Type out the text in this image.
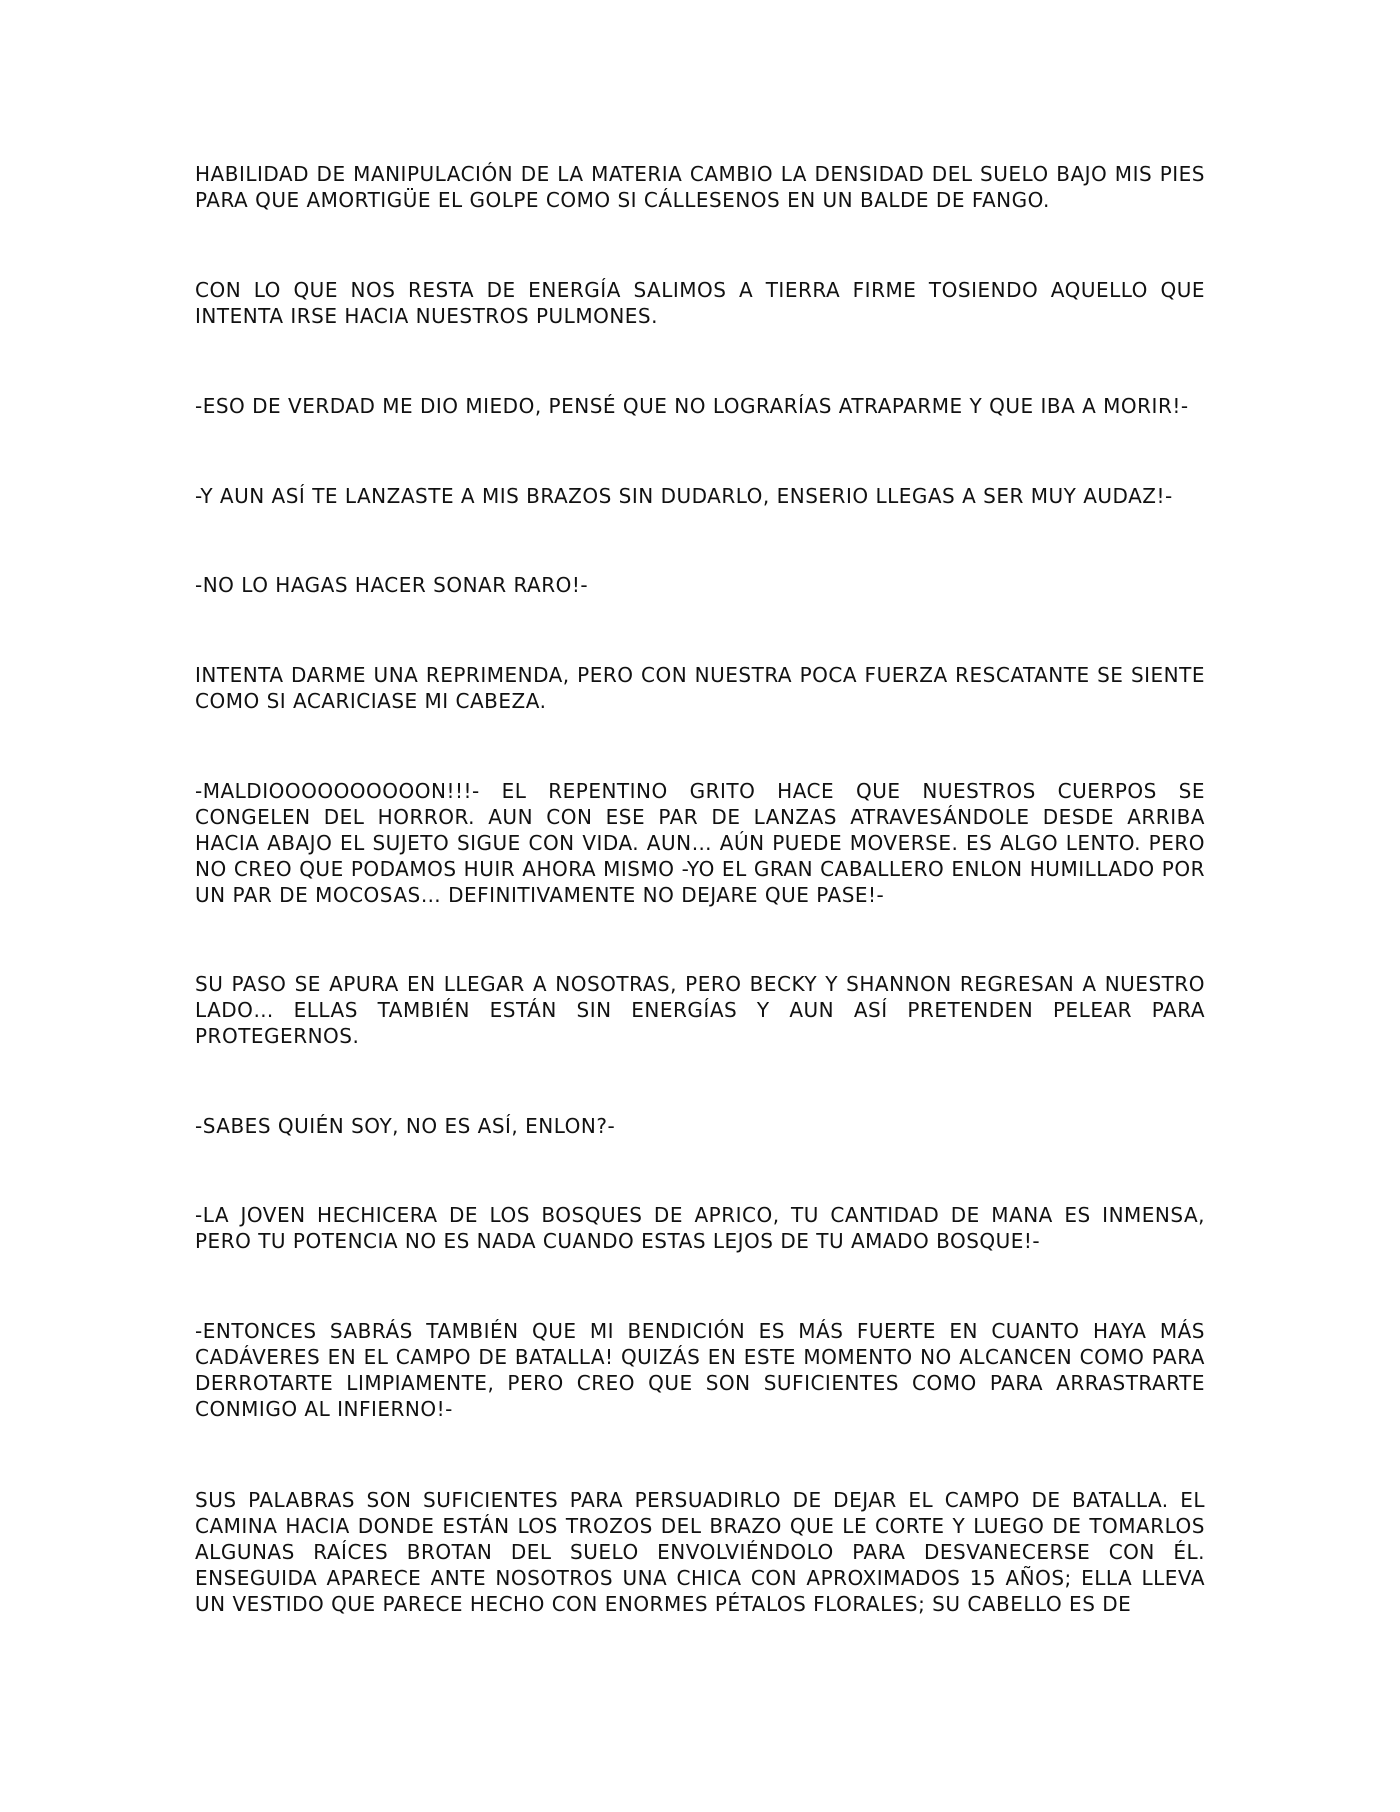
HABILIDAD DE MANIPULACIÓN DE LA MATERIA CAMBIO LA DENSIDAD DEL SUELO BAJO MIS PIES PARA QUE AMORTIGÜE EL GOLPE COMO SI CÁLLESENOS EN UN BALDE DE FANGO.

CON LO QUE NOS RESTA DE ENERGÍA SALIMOS A TIERRA FIRME TOSIENDO AQUELLO QUE INTENTA IRSE HACIA NUESTROS PULMONES.

-ESO DE VERDAD ME DIO MIEDO, PENSÉ QUE NO LOGRARÍAS ATRAPARME Y QUE IBA A MORIR!-

-Y AUN ASÍ TE LANZASTE A MIS BRAZOS SIN DUDARLO, ENSERIO LLEGAS A SER MUY AUDAZ!-

-NO LO HAGAS HACER SONAR RARO!-

INTENTA DARME UNA REPRIMENDA, PERO CON NUESTRA POCA FUERZA RESCATANTE SE SIENTE COMO SI ACARICIASE MI CABEZA.

-MALDIOOOOOOOOOON!!!- EL REPENTINO GRITO HACE QUE NUESTROS CUERPOS SE CONGELEN DEL HORROR. AUN CON ESE PAR DE LANZAS ATRAVESÁNDOLE DESDE ARRIBA HACIA ABAJO EL SUJETO SIGUE CON VIDA. AUN… AÚN PUEDE MOVERSE. ES ALGO LENTO. PERO NO CREO QUE PODAMOS HUIR AHORA MISMO -YO EL GRAN CABALLERO ENLON HUMILLADO POR UN PAR DE MOCOSAS… DEFINITIVAMENTE NO DEJARE QUE PASE!-

SU PASO SE APURA EN LLEGAR A NOSOTRAS, PERO BECKY Y SHANNON REGRESAN A NUESTRO LADO… ELLAS TAMBIÉN ESTÁN SIN ENERGÍAS Y AUN ASÍ PRETENDEN PELEAR PARA PROTEGERNOS.

-SABES QUIÉN SOY, NO ES ASÍ, ENLON?-

-LA JOVEN HECHICERA DE LOS BOSQUES DE APRICO, TU CANTIDAD DE MANA ES INMENSA, PERO TU POTENCIA NO ES NADA CUANDO ESTAS LEJOS DE TU AMADO BOSQUE!-

-ENTONCES SABRÁS TAMBIÉN QUE MI BENDICIÓN ES MÁS FUERTE EN CUANTO HAYA MÁS CADÁVERES EN EL CAMPO DE BATALLA! QUIZÁS EN ESTE MOMENTO NO ALCANCEN COMO PARA DERROTARTE LIMPIAMENTE, PERO CREO QUE SON SUFICIENTES COMO PARA ARRASTRARTE CONMIGO AL INFIERNO!-

SUS PALABRAS SON SUFICIENTES PARA PERSUADIRLO DE DEJAR EL CAMPO DE BATALLA. EL CAMINA HACIA DONDE ESTÁN LOS TROZOS DEL BRAZO QUE LE CORTE Y LUEGO DE TOMARLOS ALGUNAS RAÍCES BROTAN DEL SUELO ENVOLVIÉNDOLO PARA DESVANECERSE CON ÉL. ENSEGUIDA APARECE ANTE NOSOTROS UNA CHICA CON APROXIMADOS 15 AÑOS; ELLA LLEVA UN VESTIDO QUE PARECE HECHO CON ENORMES PÉTALOS FLORALES; SU CABELLO ES DE
